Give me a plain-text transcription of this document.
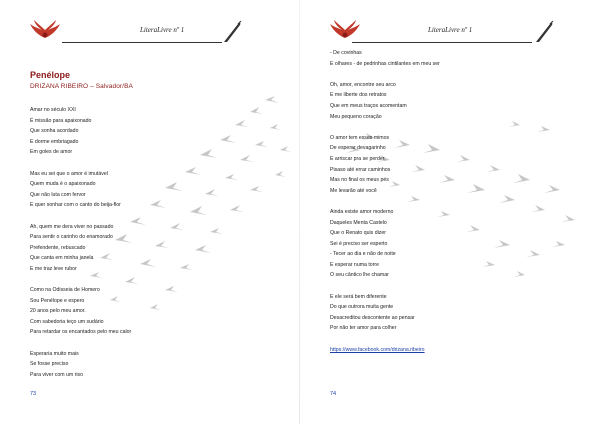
LiteraLivre nº 1
Penélope
DRIZANA RIBEIRO – Salvador/BA
Amar no século XXI
É missão para apaixonado
Que sonha acordado
E dorme embriagado
Em goles de amor
Mas eu sei que o amor é imutável
Quem muda é o apaixonado
Que não luta com fervor
E quer sonhar com o canto do beija-flor
Ah, quem me dera viver no passado
Para sentir o carinho do enamorado
Prefendente, rebuscado
Que canta em minha janela
E me traz leve rubor
Como na Odisseia de Homero
Sou Penélope e espero
20 anos pelo meu amor.
Com sabedoria teço um sudário
Para retardar os encantados pelo meu calor
Esperaria muito mais
Se fosse preciso
Para viver com um riso
73
LiteraLivre nº 1
- De covinhas
E olhares - de pedrinhas cintilantes em meu ser
Oh, amor, encontre seu arco
E me liberte dos retratos
Que em meus traços acomentam
Meu pequeno coração
O amor tem esses mimos
De esperar devagarinho
E arriscar pra se perder,
Pisaso até errar caminhos
Mas no final os meus pés
Me levarão até você
Ainda existe amor moderno
Daqueles Menta Castelo
Que o Renato quis dizer
Sei é preciso ser esperto
- Tecer ao dia e não de noite
E esperar numa torre
O seu cântico lhe chamar
E ele será bem diferente
Do que outrora muita gente
Desacreditou descontente ao pensar
Por não ter amor para colher
https://www.facebook.com/drizana.ribeiro
74
